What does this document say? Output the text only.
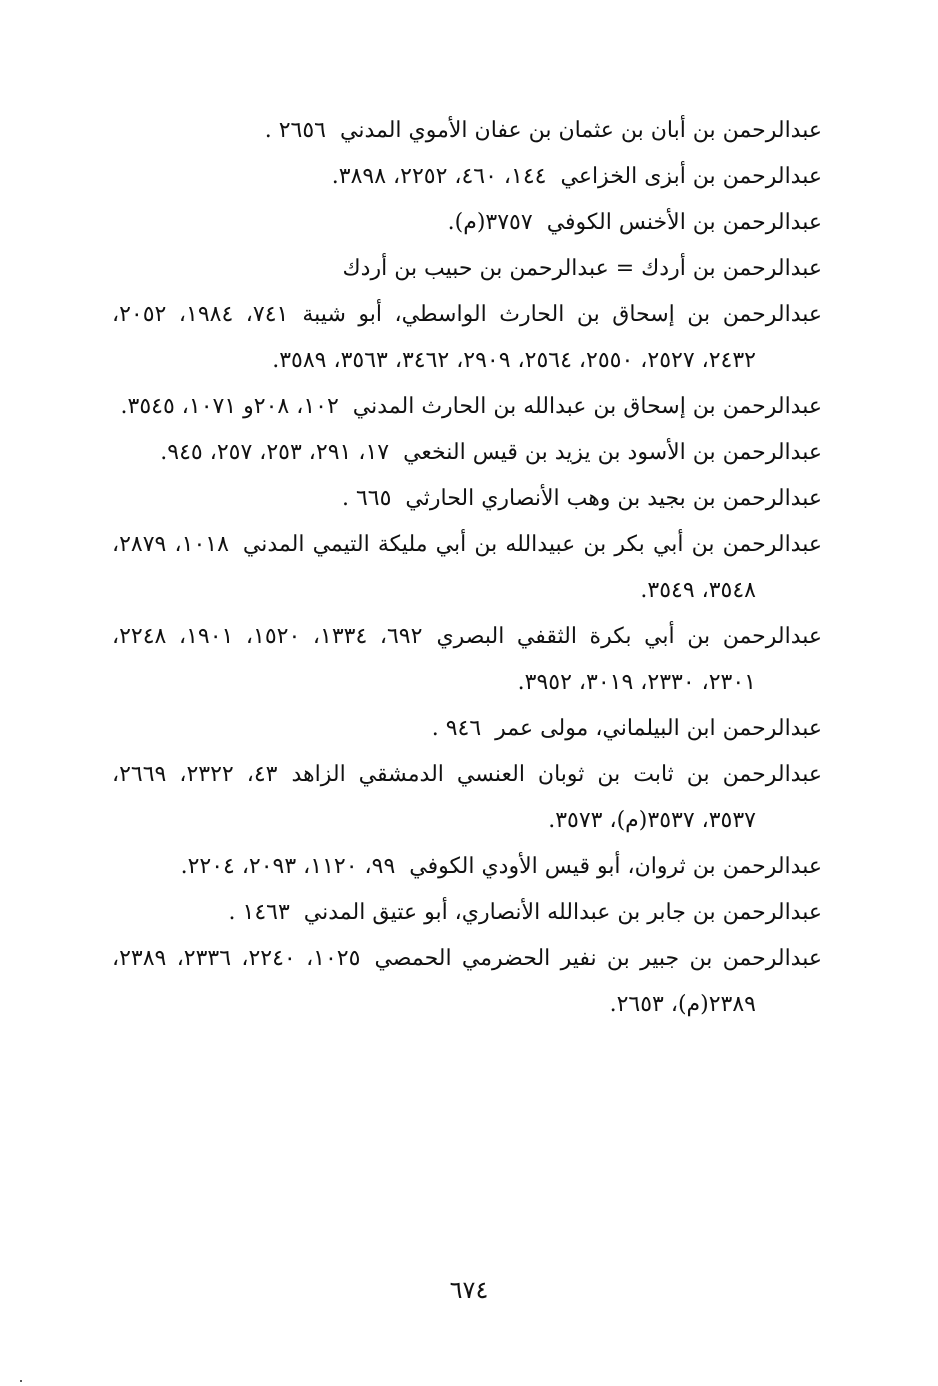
عبدالرحمن بن أبان بن عثمان بن عفان الأموي المدني٢٦٥٦ .
عبدالرحمن بن أبزى الخزاعي١٤٤، ٤٦٠، ٢٢٥٢، ٣٨٩٨.
عبدالرحمن بن الأخنس الكوفي٣٧٥٧(م).
عبدالرحمن بن أردك = عبدالرحمن بن حبيب بن أردك
عبدالرحمن بن إسحاق بن الحارث الواسطي، أبو شيبة٧٤١، ١٩٨٤، ٢٠٥٢، ٢٤٣٢، ٢٥٢٧، ٢٥٥٠، ٢٥٦٤، ٢٩٠٩، ٣٤٦٢، ٣٥٦٣، ٣٥٨٩.
عبدالرحمن بن إسحاق بن عبدالله بن الحارث المدني١٠٢، ٢٠٨و ١٠٧١، ٣٥٤٥.
عبدالرحمن بن الأسود بن يزيد بن قيس النخعي١٧، ٢٩١، ٢٥٣، ٢٥٧، ٩٤٥.
عبدالرحمن بن بجيد بن وهب الأنصاري الحارثي٦٦٥ .
عبدالرحمن بن أبي بكر بن عبيدالله بن أبي مليكة التيمي المدني١٠١٨، ٢٨٧٩، ٣٥٤٨، ٣٥٤٩.
عبدالرحمن بن أبي بكرة الثقفي البصري٦٩٢، ١٣٣٤، ١٥٢٠، ١٩٠١، ٢٢٤٨، ٢٣٠١، ٢٣٣٠، ٣٠١٩، ٣٩٥٢.
عبدالرحمن ابن البيلماني، مولى عمر٩٤٦ .
عبدالرحمن بن ثابت بن ثوبان العنسي الدمشقي الزاهد٤٣، ٢٣٢٢، ٢٦٦٩، ٣٥٣٧، ٣٥٣٧(م)، ٣٥٧٣.
عبدالرحمن بن ثروان، أبو قيس الأودي الكوفي٩٩، ١١٢٠، ٢٠٩٣، ٢٢٠٤.
عبدالرحمن بن جابر بن عبدالله الأنصاري، أبو عتيق المدني١٤٦٣ .
عبدالرحمن بن جبير بن نفير الحضرمي الحمصي١٠٢٥، ٢٢٤٠، ٢٣٣٦، ٢٣٨٩، ٢٣٨٩(م)، ٢٦٥٣.
٦٧٤
